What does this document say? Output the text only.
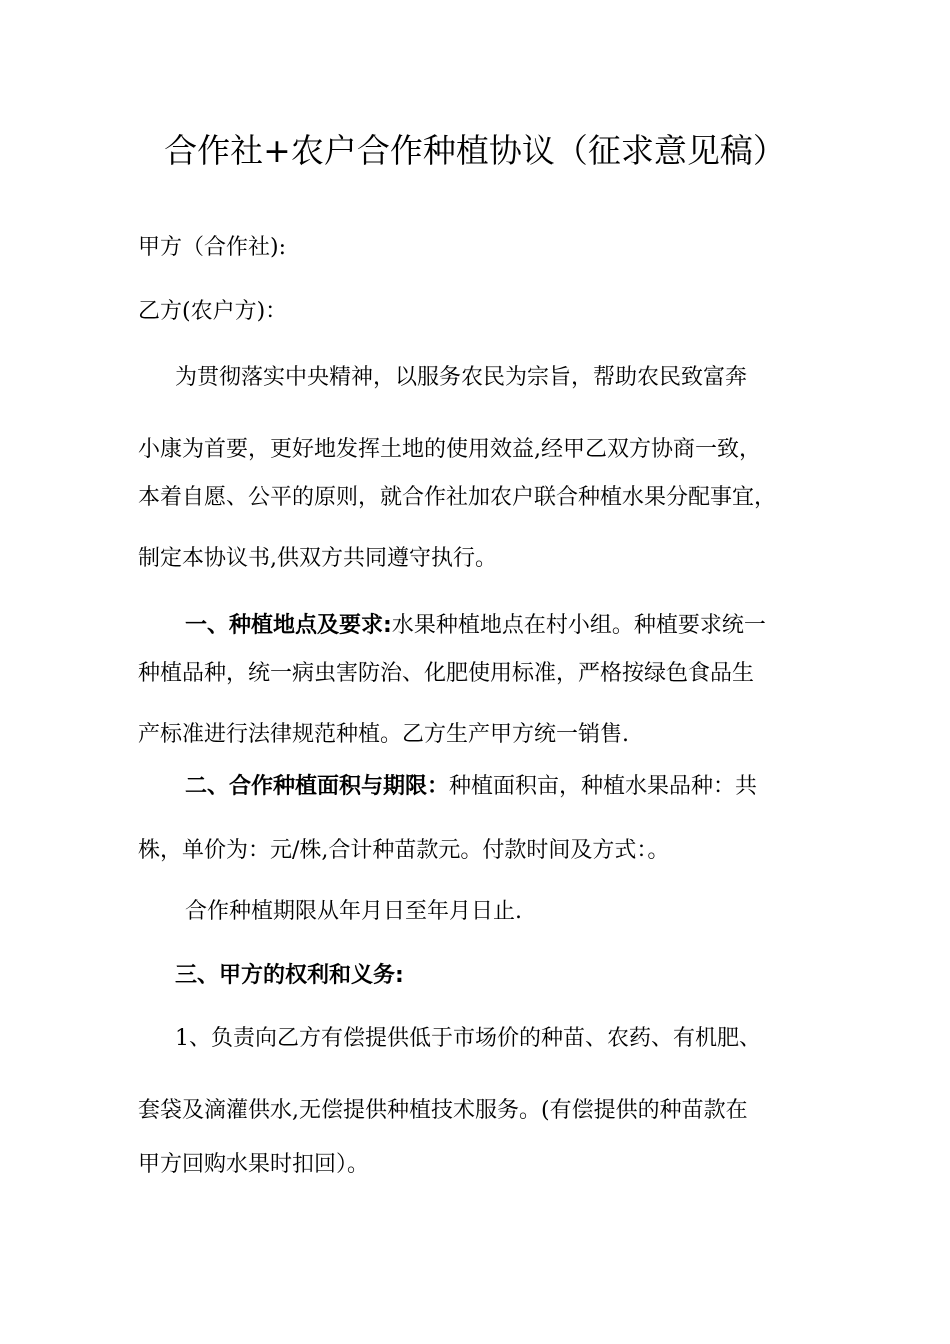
合作社+农户合作种植协议（征求意见稿）
甲方（合作社):
乙方(农户方)：
为贯彻落实中央精神，以服务农民为宗旨，帮助农民致富奔
小康为首要，更好地发挥土地的使用效益,经甲乙双方协商一致，
本着自愿、公平的原则，就合作社加农户联合种植水果分配事宜，
制定本协议书,供双方共同遵守执行。
一、种植地点及要求:水果种植地点在村小组。种植要求统一
种植品种，统一病虫害防治、化肥使用标准，严格按绿色食品生
产标准进行法律规范种植。乙方生产甲方统一销售.
二、合作种植面积与期限：种植面积亩，种植水果品种：共
株，单价为：元/株,合计种苗款元。付款时间及方式：。
合作种植期限从年月日至年月日止.
三、甲方的权利和义务:
1、负责向乙方有偿提供低于市场价的种苗、农药、有机肥、
套袋及滴灌供水,无偿提供种植技术服务。(有偿提供的种苗款在
甲方回购水果时扣回）。
